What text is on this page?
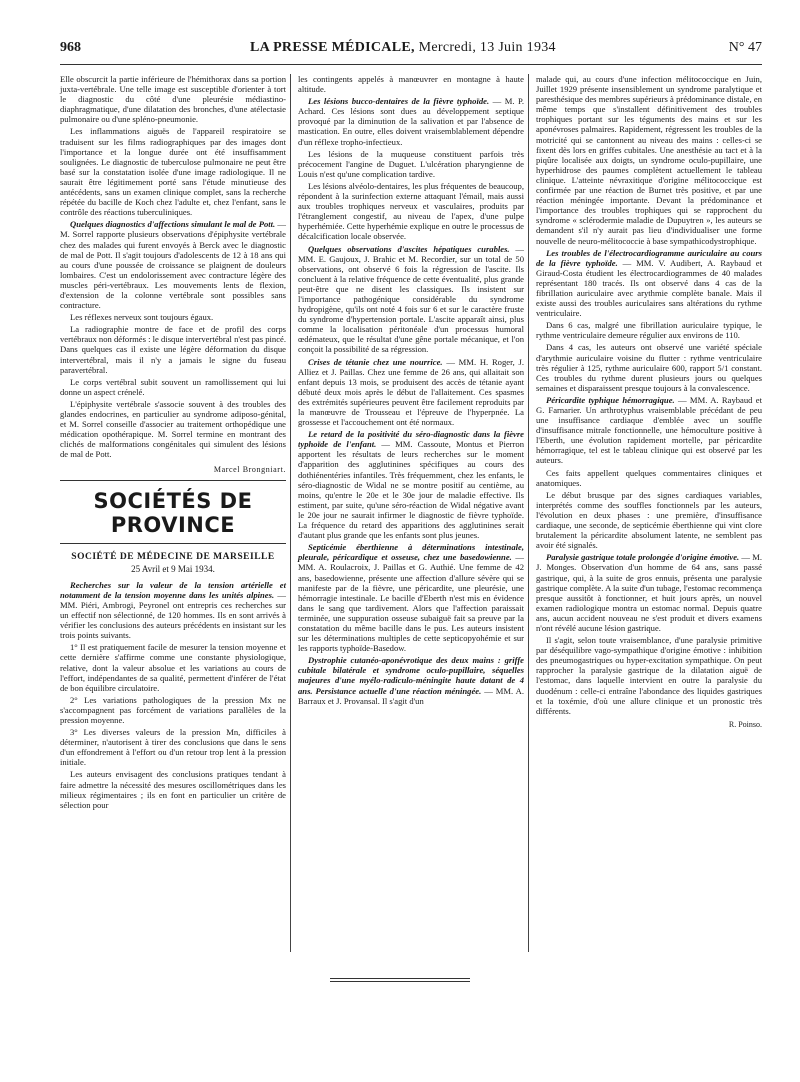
968	LA PRESSE MÉDICALE, Mercredi, 13 Juin 1934	N° 47

Elle obscurcit la partie inférieure de l'hémithorax dans sa portion juxta-vertébrale. Une telle image est susceptible d'orienter à tort le diagnostic du côté d'une pleurésie médiastino-diaphragmatique, d'une dilatation des bronches, d'une atélectasie pulmonaire ou d'une spléno-pneumonie.

Les inflammations aiguës de l'appareil respiratoire se traduisent sur les films radiographiques par des images dont l'importance et la longue durée ont été insuffisamment soulignées. Le diagnostic de tuberculose pulmonaire ne peut être basé sur la constatation isolée d'une image radiologique. Il ne saurait être légitimement porté sans l'étude minutieuse des antécédents, sans un examen clinique complet, sans la recherche répétée du bacille de Koch chez l'adulte et, chez l'enfant, sans le contrôle des réactions tuberculiniques.

Quelques diagnostics d'affections simulant le mal de Pott. — M. Sorrel rapporte plusieurs observations d'épiphysite vertébrale chez des malades qui furent envoyés à Berck avec le diagnostic de mal de Pott. Il s'agit toujours d'adolescents de 12 à 18 ans qui au cours d'une poussée de croissance se plaignent de douleurs lombaires. C'est un endolorissement avec contracture légère des muscles péri-vertébraux. Les mouvements lents de flexion, d'extension de la colonne vertébrale sont possibles sans contracture.

Les réflexes nerveux sont toujours égaux.

La radiographie montre de face et de profil des corps vertébraux non déformés : le disque intervertébral n'est pas pincé. Dans quelques cas il existe une légère déformation du disque intervertébral, mais il n'y a jamais le signe du fuseau paravertébral.

Le corps vertébral subit souvent un ramollissement qui lui donne un aspect crénelé.

L'épiphysite vertébrale s'associe souvent à des troubles des glandes endocrines, en particulier au syndrome adiposo-génital, et M. Sorrel conseille d'associer au traitement orthopédique une médication opothérapique. M. Sorrel termine en montrant des clichés de malformations congénitales qui simulent des lésions de mal de Pott.

Marcel Brongniart.
SOCIÉTÉS DE PROVINCE
SOCIÉTÉ DE MÉDECINE DE MARSEILLE
25 Avril et 9 Mai 1934.

Recherches sur la valeur de la tension artérielle et notamment de la tension moyenne dans les unités alpines. — MM. Piéri, Ambrogi, Peyronel ont entrepris ces recherches sur un effectif non sélectionné, de 120 hommes. Ils en sont arrivés à vérifier les conclusions des auteurs précédents en insistant sur les trois points suivants.

1° Il est pratiquement facile de mesurer la tension moyenne et cette dernière s'affirme comme une constante physiologique, relative, dont la valeur absolue et les variations au cours de l'effort, indépendantes de sa qualité, permettent d'inférer de l'état de bon équilibre circulatoire.

2° Les variations pathologiques de la pression Mx ne s'accompagnent pas forcément de variations parallèles de la pression moyenne.

3° Les diverses valeurs de la pression Mn, difficiles à déterminer, n'autorisent à tirer des conclusions que dans le sens d'un effondrement à l'effort ou d'un retour trop lent à la pression initiale.

Les auteurs envisagent des conclusions pratiques tendant à faire admettre la nécessité des mesures oscillométriques dans les milieux régimentaires ; ils en font en particulier un critère de sélection pour

les contingents appelés à manœuvrer en montagne à haute altitude.

Les lésions bucco-dentaires de la fièvre typhoïde. — M. P. Achard. Ces lésions sont dues au développement septique provoqué par la diminution de la salivation et par l'absence de mastication. En outre, elles doivent vraisemblablement dépendre d'un réflexe tropho-infectieux.

Les lésions de la muqueuse constituent parfois très précocement l'angine de Duguet. L'ulcération pharyngienne de Louis n'est qu'une complication tardive.

Les lésions alvéolo-dentaires, les plus fréquentes de beaucoup, répondent à la surinfection externe attaquant l'émail, mais aussi aux troubles trophiques nerveux et vasculaires, produits par l'étranglement congestif, au niveau de l'apex, d'une pulpe hyperhémiée. Cette hyperhémie explique en outre le processus de décalcification locale observée.

Quelques observations d'ascites hépatiques curables. — MM. E. Gaujoux, J. Brahic et M. Recordier, sur un total de 50 observations, ont observé 6 fois la régression de l'ascite. Ils concluent à la relative fréquence de cette éventualité, plus grande peut-être que ne disent les classiques. Ils insistent sur l'importance pathogénique considérable du syndrome hydropigène, qu'ils ont noté 4 fois sur 6 et sur le caractère fruste du syndrome d'hypertension portale. L'ascite apparaît ainsi, plus comme la localisation péritonéale d'un processus humoral œdémateux, que le résultat d'une gêne portale mécanique, et l'on conçoit la possibilité de sa régression.

Crises de tétanie chez une nourrice. — MM. H. Roger, J. Alliez et J. Paillas. Chez une femme de 26 ans, qui allaitait son enfant depuis 13 mois, se produisent des accès de tétanie ayant débuté deux mois après le début de l'allaitement. Ces spasmes des extrémités supérieures peuvent être facilement reproduits par la manœuvre de Trousseau et l'épreuve de l'hyperpnée. La grossesse et l'accouchement ont été normaux.

Le retard de la positivité du séro-diagnostic dans la fièvre typhoïde de l'enfant. — MM. Cassoute, Montus et Pierron apportent les résultats de leurs recherches sur le moment d'apparition des agglutinines spécifiques au cours des dothiénentéries infantiles. Très fréquemment, chez les enfants, le séro-diagnostic de Widal ne se montre positif au centième, au moins, qu'entre le 20e et le 30e jour de maladie effective. Ils estiment, par suite, qu'une séro-réaction de Widal négative avant le 20e jour ne saurait infirmer le diagnostic de fièvre typhoïde. La fréquence du retard des apparitions des agglutinines serait d'autant plus grande que les enfants sont plus jeunes.

Septicémie éberthienne à déterminations intestinale, pleurale, péricardique et osseuse, chez une basedowienne. — MM. A. Roulacroix, J. Paillas et G. Authié. Une femme de 42 ans, basedowienne, présente une affection d'allure sévère qui se manifeste par de la fièvre, une péricardite, une pleurésie, une hémorragie intestinale. Le bacille d'Eberth n'est mis en évidence dans le sang que tardivement. Alors que l'affection paraissait terminée, une suppuration osseuse subaiguë fait sa preuve par la constatation du même bacille dans le pus. Les auteurs insistent sur les déterminations multiples de cette septicopyohémie et sur les rapports typhoïde-Basedow.

Dystrophie cutanéo-aponévrotique des deux mains : griffe cubitale bilatérale et syndrome oculo-pupillaire, séquelles majeures d'une myélo-radiculo-méningite haute datant de 4 ans. Persistance actuelle d'une réaction méningée. — MM. A. Barraux et J. Provansal. Il s'agit d'un

malade qui, au cours d'une infection mélitococcique en Juin, Juillet 1929 présente insensiblement un syndrome paralytique et paresthésique des membres supérieurs à prédominance distale, en même temps que s'installent définitivement des troubles trophiques portant sur les téguments des mains et sur les aponévroses palmaires. Rapidement, régressent les troubles de la motricité qui se cantonnent au niveau des mains : celles-ci se fixent dès lors en griffes cubitales. Une anesthésie au tact et à la piqûre localisée aux doigts, un syndrome oculo-pupillaire, une hyperhidrose des paumes complètent actuellement le tableau clinique. L'atteinte névraxitique d'origine mélitococcique est confirmée par une réaction de Burnet très positive, et par une réaction méningée importante. Devant la prédominance et l'importance des troubles trophiques qui se rapprochent du syndrome « sclérodermie maladie de Dupuytren », les auteurs se demandent s'il n'y aurait pas lieu d'individualiser une forme nouvelle de neuro-mélitococcie à base sympathicodystrophique.

Les troubles de l'électrocardiogramme auriculaire au cours de la fièvre typhoïde. — MM. V. Audibert, A. Raybaud et Giraud-Costa étudient les électrocardiogrammes de 40 malades représentant 180 tracés. Ils ont observé dans 4 cas de la fibrillation auriculaire avec arythmie complète banale. Mais il existe aussi des troubles auriculaires sans altérations du rythme ventriculaire.

Dans 6 cas, malgré une fibrillation auriculaire typique, le rythme ventriculaire demeure régulier aux environs de 110.

Dans 4 cas, les auteurs ont observé une variété spéciale d'arythmie auriculaire voisine du flutter : rythme ventriculaire très régulier à 125, rythme auriculaire 600, rapport 5/1 constant. Ces troubles du rythme durent plusieurs jours ou quelques semaines et disparaissent presque toujours à la convalescence.

Péricardite typhique hémorragique. — MM. A. Raybaud et G. Farnarier. Un arthrotyphus vraisemblable précédant de peu une insuffisance cardiaque d'emblée avec un souffle d'insuffisance mitrale fonctionnelle, une hémoculture positive à l'Eberth, une évolution rapidement mortelle, par péricardite hémorragique, tel est le tableau clinique qui est observé par les auteurs.

Ces faits appellent quelques commentaires cliniques et anatomiques.

Le début brusque par des signes cardiaques variables, interprétés comme des souffles fonctionnels par les auteurs, l'évolution en deux phases : une première, d'insuffisance cardiaque, une seconde, de septicémie éberthienne qui vint clore brutalement la péricardite absolument latente, ne semblent pas avoir été signalés.

Paralysie gastrique totale prolongée d'origine émotive. — M. J. Monges. Observation d'un homme de 64 ans, sans passé gastrique, qui, à la suite de gros ennuis, présenta une paralysie gastrique complète. A la suite d'un tubage, l'estomac recommença presque aussitôt à fonctionner, et huit jours après, un nouvel examen radiologique montra un estomac normal. Depuis quatre ans, aucun accident nouveau ne s'est produit et divers examens n'ont révélé aucune lésion gastrique.

Il s'agit, selon toute vraisemblance, d'une paralysie primitive par déséquilibre vago-sympathique d'origine émotive : inhibition des pneumogastriques ou hyper-excitation sympathique. On peut rapprocher la paralysie gastrique de la dilatation aiguë de l'estomac, dans laquelle intervient en outre la paralysie du duodénum : celle-ci entraîne l'abondance des liquides gastriques et la toxémie, d'où une allure clinique et un pronostic très différents.

R. Poinso.
